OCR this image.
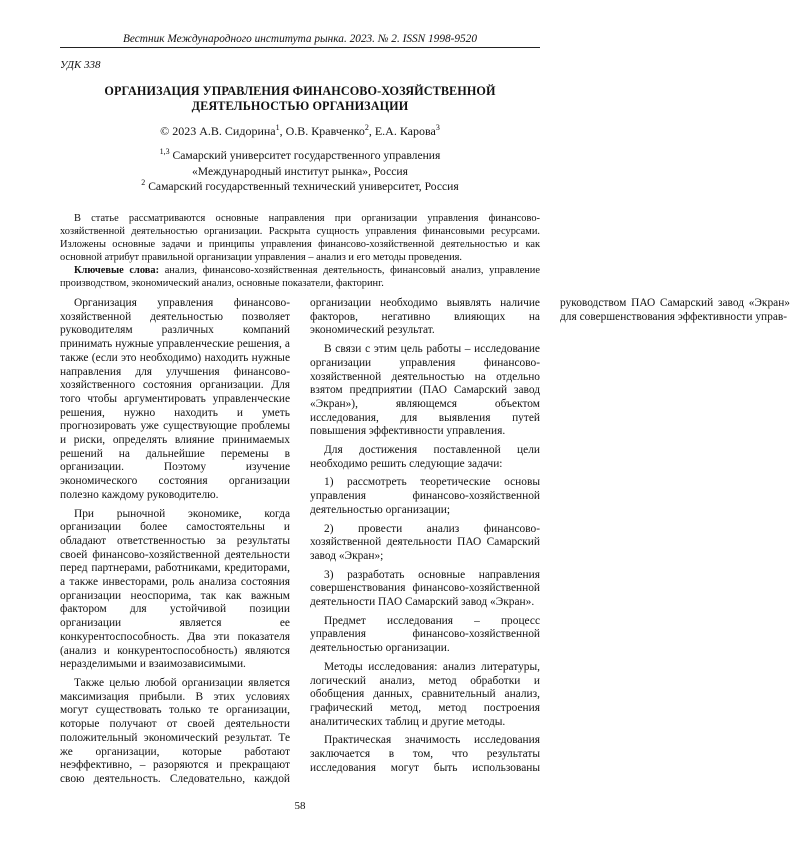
Вестник Международного института рынка. 2023. № 2. ISSN 1998-9520
УДК 338
ОРГАНИЗАЦИЯ УПРАВЛЕНИЯ ФИНАНСОВО-ХОЗЯЙСТВЕННОЙ
ДЕЯТЕЛЬНОСТЬЮ ОРГАНИЗАЦИИ
© 2023 А.В. Сидорина$^1$, О.В. Кравченко$^2$, Е.А. Карова$^3$
$^{1,3}$ Самарский университет государственного управления
«Международный институт рынка», Россия
$^2$ Самарский государственный технический университет, Россия

В статье рассматриваются основные направления при организации управления финансово-хозяйственной деятельностью организации. Раскрыта сущность управления финансовыми ресурсами. Изложены основные задачи и принципы управления финансово-хозяйственной деятельностью и как основной атрибут правильной организации управления – анализ и его методы проведения.

Ключевые слова: анализ, финансово-хозяйственная деятельность, финансовый анализ, управление производством, экономический анализ, основные показатели, факторинг.

Организация управления финансово-хозяйственной деятельностью позволяет руководителям различных компаний принимать нужные управленческие решения, а также (если это необходимо) находить нужные направления для улучшения финансово-хозяйственного состояния организации. Для того чтобы аргументировать управленческие решения, нужно находить и уметь прогнозировать уже существующие проблемы и риски, определять влияние принимаемых решений на дальнейшие перемены в организации. Поэтому изучение экономического состояния организации полезно каждому руководителю.

При рыночной экономике, когда организации более самостоятельны и обладают ответственностью за результаты своей финансово-хозяйственной деятельности перед партнерами, работниками, кредиторами, а также инвесторами, роль анализа состояния организации неоспорима, так как важным фактором для устойчивой позиции организации является ее конкурентоспособность. Два эти показателя (анализ и конкурентоспособность) являются неразделимыми и взаимозависимыми.

Также целью любой организации является максимизация прибыли. В этих условиях могут существовать только те организации, которые получают от своей деятельности положительный экономический результат. Те же организации, которые работают неэффективно, – разоряются и прекращают свою деятельность. Следовательно, каждой организации необходимо выявлять наличие факторов, негативно влияющих на экономический результат.

В связи с этим цель работы – исследование организации управления финансово-хозяйственной деятельностью на отдельно взятом предприятии (ПАО Самарский завод «Экран»), являющемся объектом исследования, для выявления путей повышения эффективности управления.

Для достижения поставленной цели необходимо решить следующие задачи:

1) рассмотреть теоретические основы управления финансово-хозяйственной деятельностью организации;

2) провести анализ финансово-хозяйственной деятельности ПАО Самарский завод «Экран»;

3) разработать основные направления совершенствования финансово-хозяйственной деятельности ПАО Самарский завод «Экран».

Предмет исследования – процесс управления финансово-хозяйственной деятельностью организации.

Методы исследования: анализ литературы, логический анализ, метод обработки и обобщения данных, сравнительный анализ, графический метод, метод построения аналитических таблиц и другие методы.

Практическая значимость исследования заключается в том, что результаты исследования могут быть использованы руководством ПАО Самарский завод «Экран» для совершенствования эффективности управ-

58
